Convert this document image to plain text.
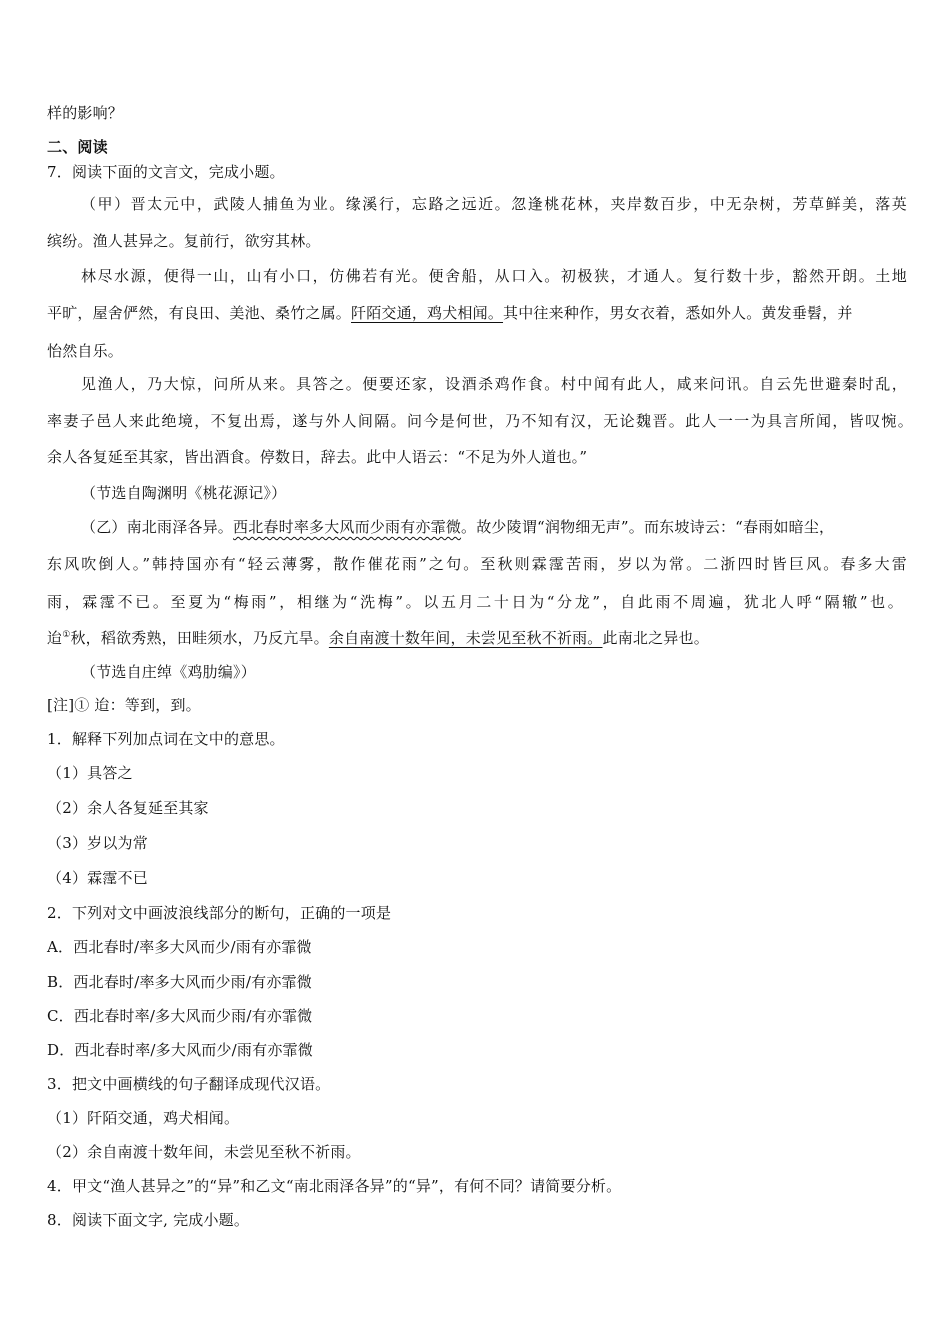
样的影响？
二、阅读
7．阅读下面的文言文，完成小题。
（甲）晋太元中，武陵人捕鱼为业。缘溪行，忘路之远近。忽逢桃花林，夹岸数百步，中无杂树，芳草鲜美，落英
缤纷。渔人甚异之。复前行，欲穷其林。
林尽水源，便得一山，山有小口，仿佛若有光。便舍船，从口入。初极狭，才通人。复行数十步，豁然开朗。土地
平旷，屋舍俨然，有良田、美池、桑竹之属。阡陌交通，鸡犬相闻。其中往来种作，男女衣着，悉如外人。黄发垂髫，并
怡然自乐。
见渔人，乃大惊，问所从来。具答之。便要还家，设酒杀鸡作食。村中闻有此人，咸来问讯。自云先世避秦时乱，
率妻子邑人来此绝境，不复出焉，遂与外人间隔。问今是何世，乃不知有汉，无论魏晋。此人一一为具言所闻，皆叹惋。
余人各复延至其家，皆出酒食。停数日，辞去。此中人语云：“不足为外人道也。”
（节选自陶渊明《桃花源记》）
（乙）南北雨泽各异。西北春时率多大风而少雨有亦霏微。故少陵谓“润物细无声”。而东坡诗云：“春雨如暗尘，
东风吹倒人。”韩持国亦有“轻云薄雾，散作催花雨”之句。至秋则霖霪苦雨，岁以为常。二浙四时皆巨风。春多大雷
雨，霖霪不已。至夏为“梅雨”，相继为“洗梅”。以五月二十日为“分龙”，自此雨不周遍，犹北人呼“隔辙”也。
迨①秋，稻欲秀熟，田畦须水，乃反亢旱。余自南渡十数年间，未尝见至秋不祈雨。此南北之异也。
（节选自庄绰《鸡肋编》）
[注]① 迨：等到，到。
1．解释下列加点词在文中的意思。
（1）具答之
（2）余人各复延至其家
（3）岁以为常
（4）霖霪不已
2．下列对文中画波浪线部分的断句，正确的一项是
A．西北春时/率多大风而少/雨有亦霏微
B．西北春时/率多大风而少雨/有亦霏微
C．西北春时率/多大风而少雨/有亦霏微
D．西北春时率/多大风而少/雨有亦霏微
3．把文中画横线的句子翻译成现代汉语。
（1）阡陌交通，鸡犬相闻。
（2）余自南渡十数年间，未尝见至秋不祈雨。
4．甲文“渔人甚异之”的“异”和乙文“南北雨泽各异”的“异”，有何不同？请简要分析。
8．阅读下面文字, 完成小题。
